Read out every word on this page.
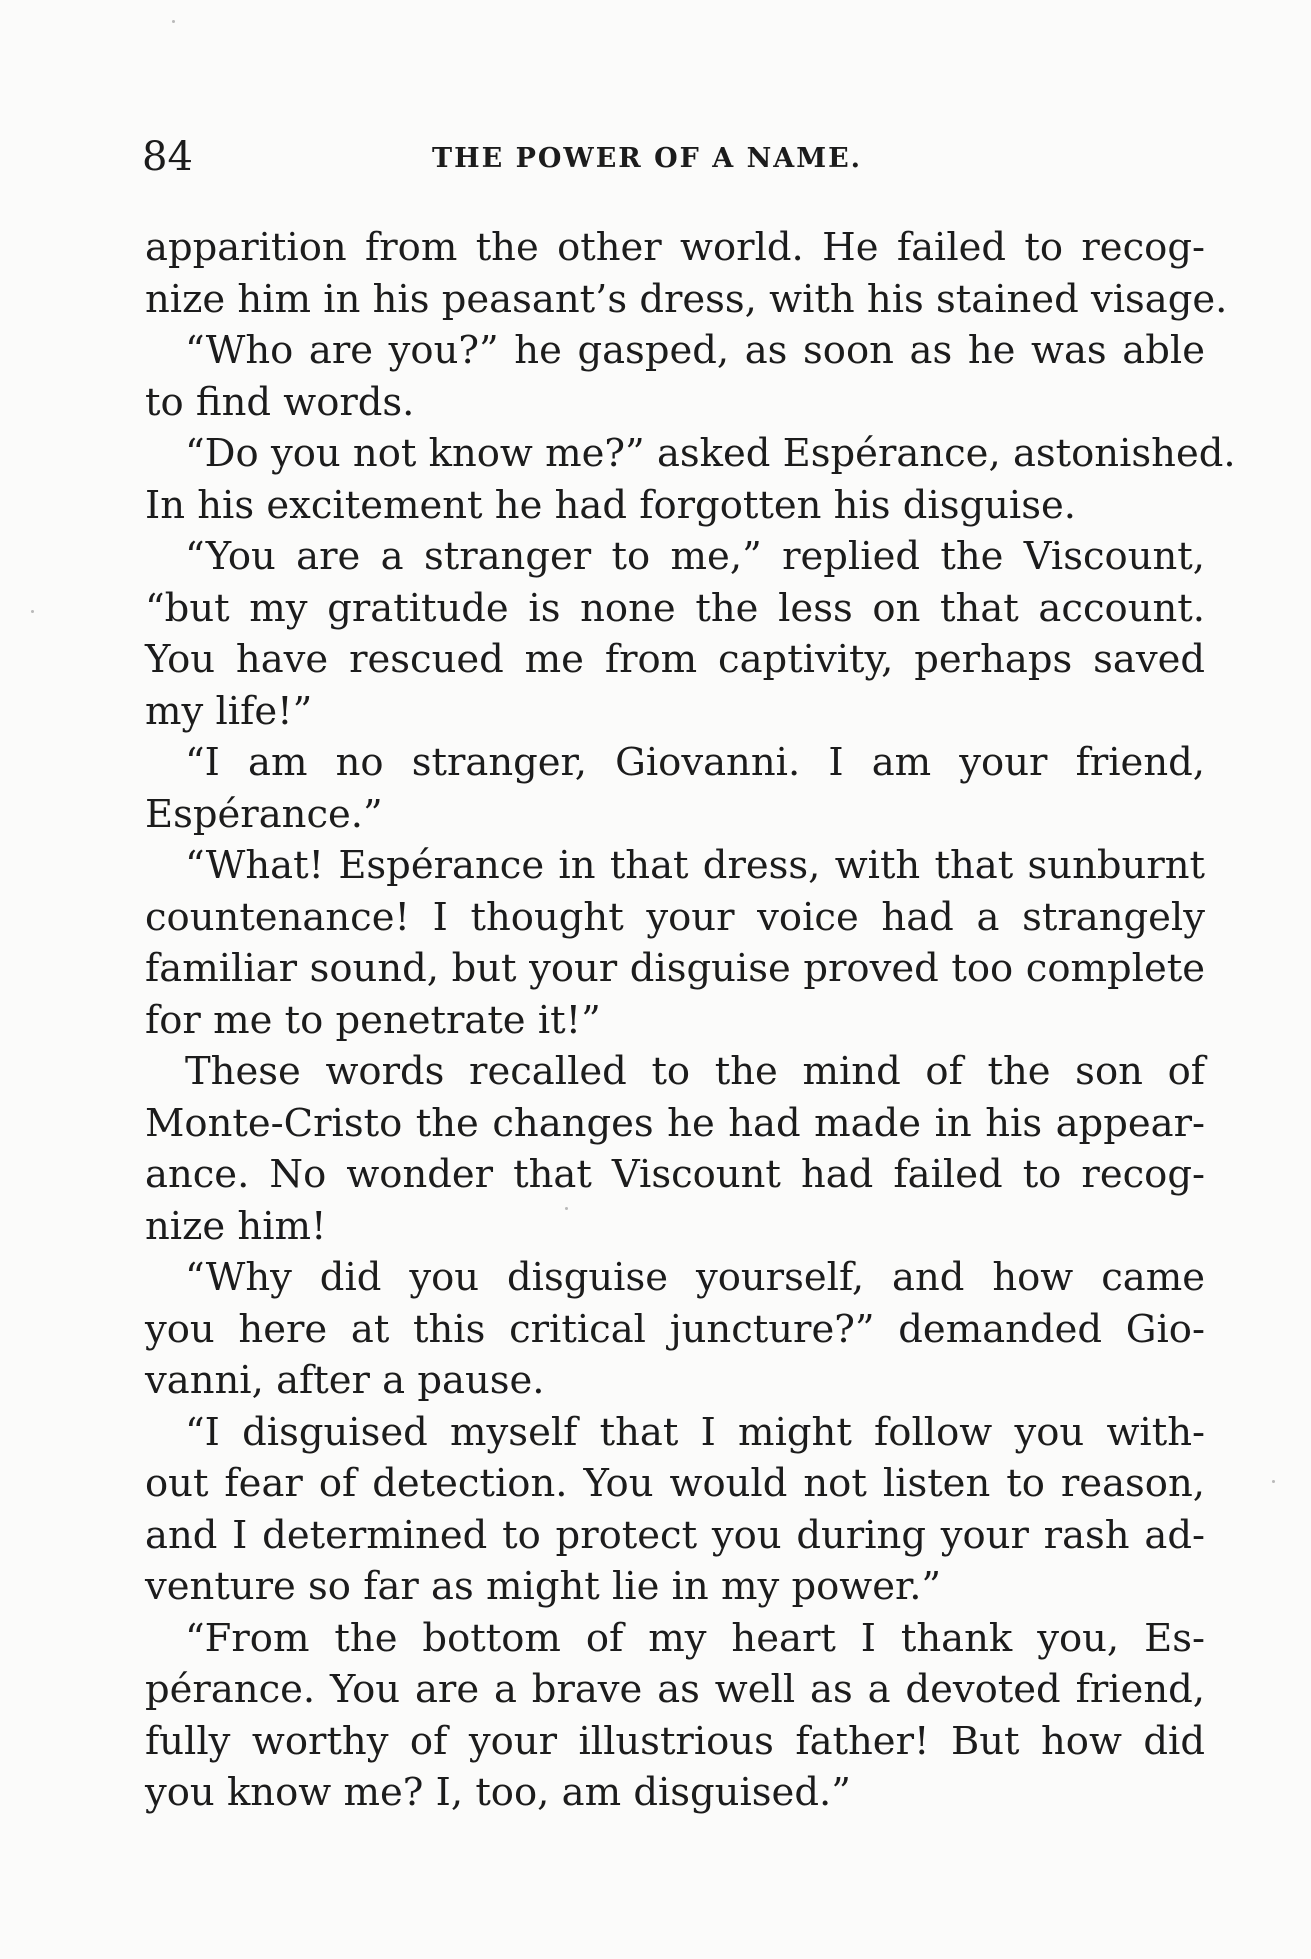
84	THE POWER OF A NAME.
apparition from the other world. He failed to recog-
nize him in his peasant’s dress, with his stained visage.
“Who are you?” he gasped, as soon as he was able
to find words.
“Do you not know me?” asked Espérance, astonished.
In his excitement he had forgotten his disguise.
“You are a stranger to me,” replied the Viscount,
“but my gratitude is none the less on that account.
You have rescued me from captivity, perhaps saved
my life!”
“I am no stranger, Giovanni. I am your friend,
Espérance.”
“What! Espérance in that dress, with that sunburnt
countenance! I thought your voice had a strangely
familiar sound, but your disguise proved too complete
for me to penetrate it!”
These words recalled to the mind of the son of
Monte-Cristo the changes he had made in his appear-
ance. No wonder that Viscount had failed to recog-
nize him!
“Why did you disguise yourself, and how came
you here at this critical juncture?” demanded Gio-
vanni, after a pause.
“I disguised myself that I might follow you with-
out fear of detection. You would not listen to reason,
and I determined to protect you during your rash ad-
venture so far as might lie in my power.”
“From the bottom of my heart I thank you, Es-
pérance. You are a brave as well as a devoted friend,
fully worthy of your illustrious father! But how did
you know me? I, too, am disguised.”
